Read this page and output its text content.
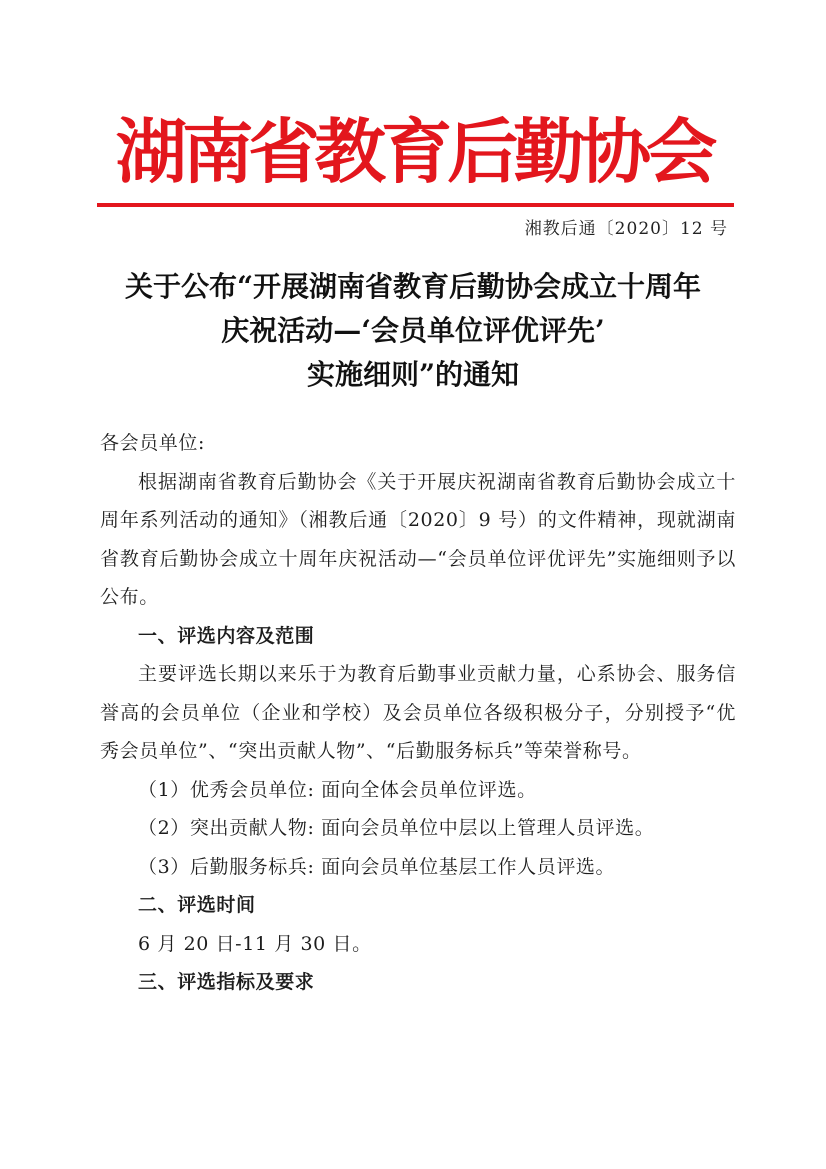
湖南省教育后勤协会
湘教后通〔2020〕12 号
关于公布“开展湖南省教育后勤协会成立十周年
庆祝活动—‘会员单位评优评先’
实施细则”的通知

各会员单位:

根据湖南省教育后勤协会《关于开展庆祝湖南省教育后勤协会成立十周年系列活动的通知》（湘教后通〔2020〕9 号）的文件精神，现就湖南省教育后勤协会成立十周年庆祝活动—“会员单位评优评先”实施细则予以公布。

一、评选内容及范围

主要评选长期以来乐于为教育后勤事业贡献力量，心系协会、服务信誉高的会员单位（企业和学校）及会员单位各级积极分子，分别授予“优秀会员单位”、“突出贡献人物”、“后勤服务标兵”等荣誉称号。

（1）优秀会员单位: 面向全体会员单位评选。

（2）突出贡献人物: 面向会员单位中层以上管理人员评选。

（3）后勤服务标兵: 面向会员单位基层工作人员评选。

二、评选时间

6 月 20 日-11 月 30 日。

三、评选指标及要求
